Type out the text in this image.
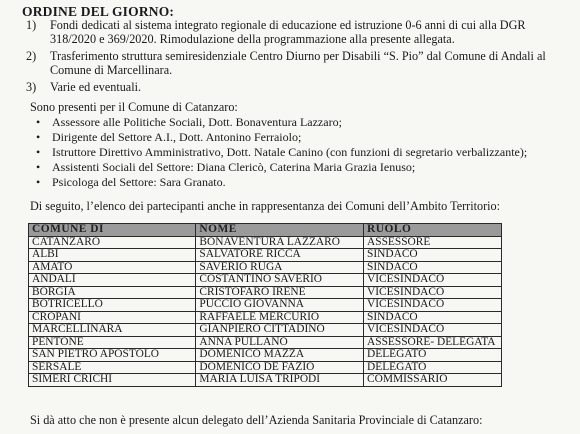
ORDINE DEL GIORNO:
1) Fondi dedicati al sistema integrato regionale di educazione ed istruzione 0-6 anni di cui alla DGR 318/2020 e 369/2020. Rimodulazione della programmazione alla presente allegata.
2) Trasferimento struttura semiresidenziale Centro Diurno per Disabili “S. Pio” dal Comune di Andali al Comune di Marcellinara.
3) Varie ed eventuali.
Sono presenti per il Comune di Catanzaro:
• Assessore alle Politiche Sociali, Dott. Bonaventura Lazzaro;
• Dirigente del Settore A.I., Dott. Antonino Ferraiolo;
• Istruttore Direttivo Amministrativo, Dott. Natale Canino (con funzioni di segretario verbalizzante);
• Assistenti Sociali del Settore: Diana Clericò, Caterina Maria Grazia Ienuso;
• Psicologa del Settore: Sara Granato.
Di seguito, l’elenco dei partecipanti anche in rappresentanza dei Comuni dell’Ambito Territorio:
COMUNE DI	NOME	RUOLO
CATANZARO	BONAVENTURA LAZZARO	ASSESSORE
ALBI	SALVATORE RICCA	SINDACO
AMATO	SAVERIO RUGA	SINDACO
ANDALI	COSTANTINO SAVERIO	VICESINDACO
BORGIA	CRISTOFARO IRENE	VICESINDACO
BOTRICELLO	PUCCIO GIOVANNA	VICESINDACO
CROPANI	RAFFAELE MERCURIO	SINDACO
MARCELLINARA	GIANPIERO CITTADINO	VICESINDACO
PENTONE	ANNA PULLANO	ASSESSORE- DELEGATA
SAN PIETRO APOSTOLO	DOMENICO MAZZA	DELEGATO
SERSALE	DOMENICO DE FAZIO	DELEGATO
SIMERI CRICHI	MARIA LUISA TRIPODI	COMMISSARIO
Si dà atto che non è presente alcun delegato dell’Azienda Sanitaria Provinciale di Catanzaro:
